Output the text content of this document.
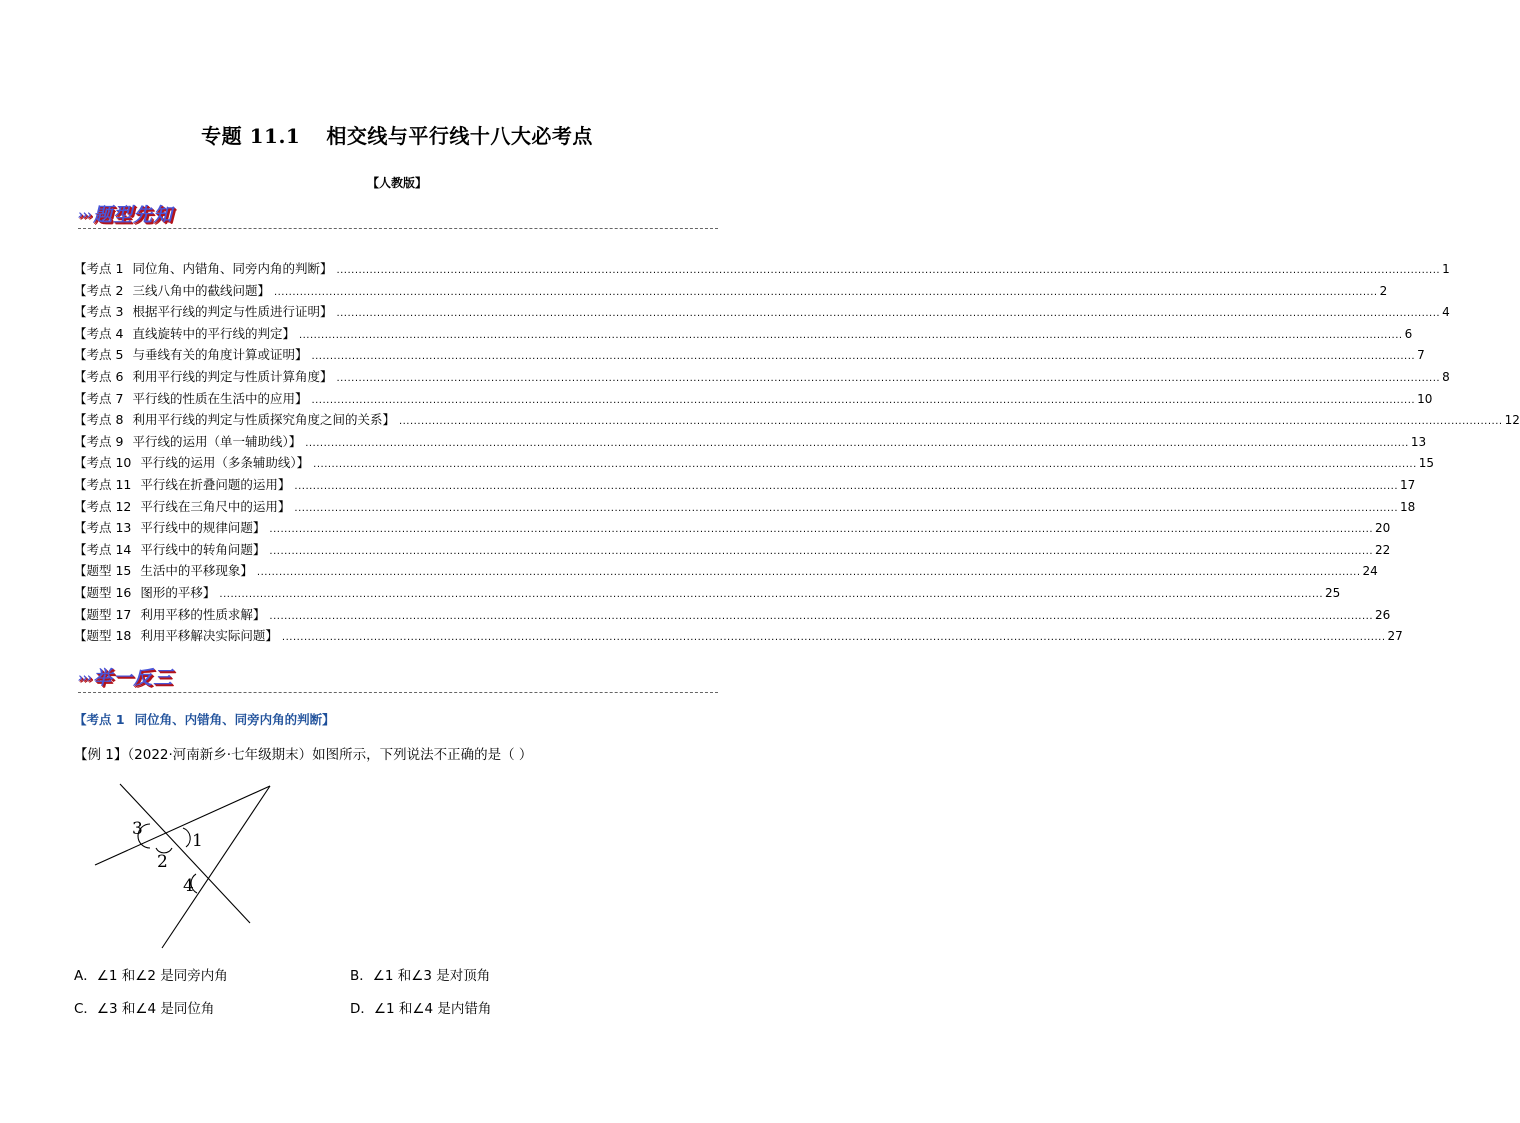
专题 11.1 相交线与平行线十八大必考点
【人教版】
››› 题型先知
【考点 1 同位角、内错角、同旁内角的判断】 ............................................................................................................................................................................................................................................................................................................ 1
【考点 2 三线八角中的截线问题】 ............................................................................................................................................................................................................................................................................................................ 2
【考点 3 根据平行线的判定与性质进行证明】 ............................................................................................................................................................................................................................................................................................................ 4
【考点 4 直线旋转中的平行线的判定】 ............................................................................................................................................................................................................................................................................................................ 6
【考点 5 与垂线有关的角度计算或证明】 ............................................................................................................................................................................................................................................................................................................ 7
【考点 6 利用平行线的判定与性质计算角度】 ............................................................................................................................................................................................................................................................................................................ 8
【考点 7 平行线的性质在生活中的应用】 ............................................................................................................................................................................................................................................................................................................ 10
【考点 8 利用平行线的判定与性质探究角度之间的关系】 ............................................................................................................................................................................................................................................................................................................ 12
【考点 9 平行线的运用（单一辅助线）】 ............................................................................................................................................................................................................................................................................................................ 13
【考点 10 平行线的运用（多条辅助线）】 ............................................................................................................................................................................................................................................................................................................ 15
【考点 11 平行线在折叠问题的运用】 ............................................................................................................................................................................................................................................................................................................ 17
【考点 12 平行线在三角尺中的运用】 ............................................................................................................................................................................................................................................................................................................ 18
【考点 13 平行线中的规律问题】 ............................................................................................................................................................................................................................................................................................................ 20
【考点 14 平行线中的转角问题】 ............................................................................................................................................................................................................................................................................................................ 22
【题型 15 生活中的平移现象】 ............................................................................................................................................................................................................................................................................................................ 24
【题型 16 图形的平移】 ............................................................................................................................................................................................................................................................................................................ 25
【题型 17 利用平移的性质求解】 ............................................................................................................................................................................................................................................................................................................ 26
【题型 18 利用平移解决实际问题】 ............................................................................................................................................................................................................................................................................................................ 27
››› 举一反三
【考点 1 同位角、内错角、同旁内角的判断】
【例 1】（2022·河南新乡·七年级期末）如图所示，下列说法不正确的是（ ）
3
1
2
4
A．∠1 和∠2 是同旁内角	B．∠1 和∠3 是对顶角
C．∠3 和∠4 是同位角	D．∠1 和∠4 是内错角
